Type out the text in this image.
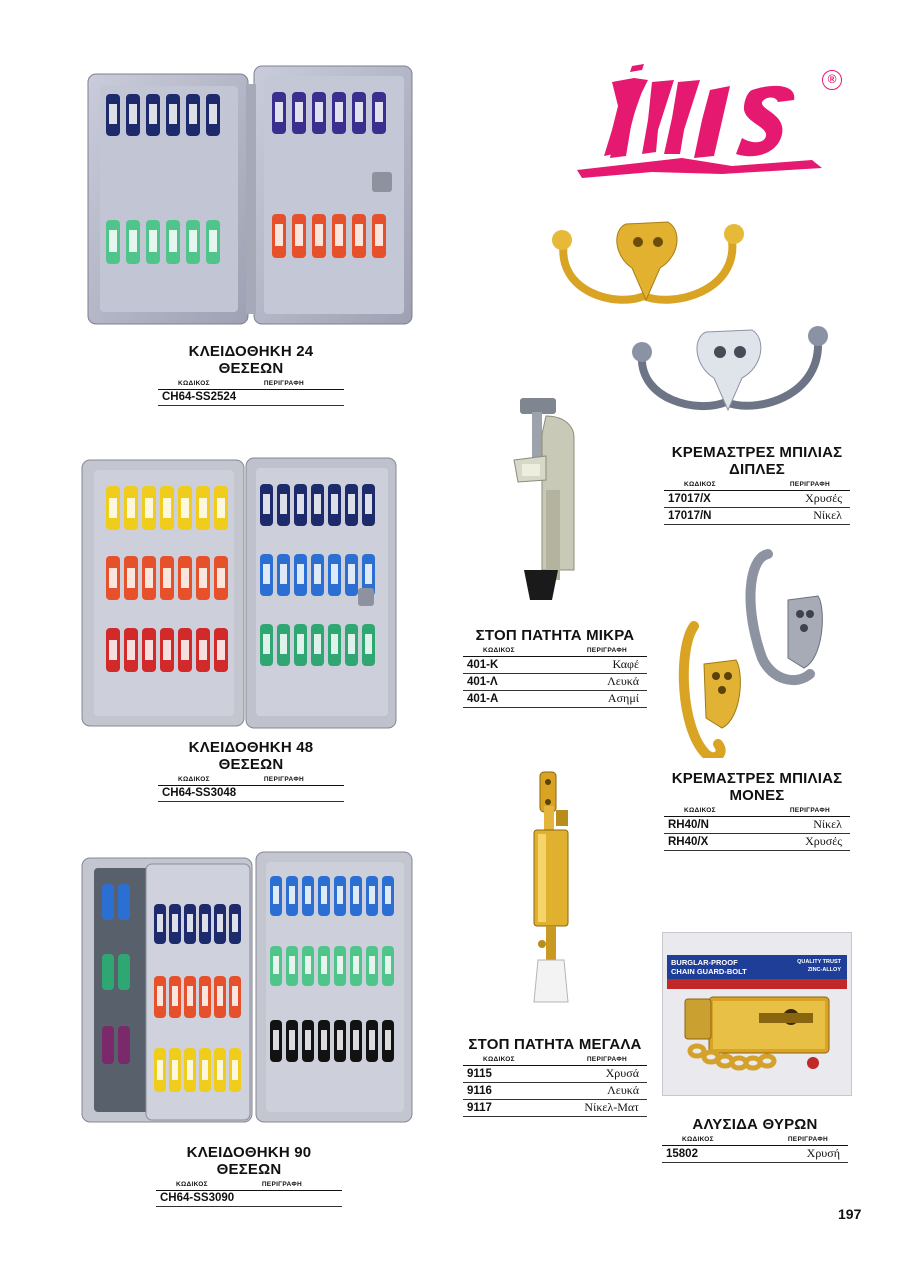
®
ΚΛΕΙΔΟΘΗΚΗ 24 ΘΕΣΕΩΝ
ΚΩΔΙΚΟΣ	ΠΕΡΙΓΡΑΦΗ
CH64-SS2524
ΚΛΕΙΔΟΘΗΚΗ 48 ΘΕΣΕΩΝ
ΚΩΔΙΚΟΣ	ΠΕΡΙΓΡΑΦΗ
CH64-SS3048
ΚΛΕΙΔΟΘΗΚΗ 90 ΘΕΣΕΩΝ
ΚΩΔΙΚΟΣ	ΠΕΡΙΓΡΑΦΗ
CH64-SS3090
ΚΡΕΜΑΣΤΡΕΣ ΜΠΙΛΙΑΣ
ΔΙΠΛΕΣ
ΚΩΔΙΚΟΣ	ΠΕΡΙΓΡΑΦΗ
17017/X	Χρυσές
17017/N	Νίκελ
ΣΤΟΠ ΠΑΤΗΤΑ ΜΙΚΡΑ
ΚΩΔΙΚΟΣ	ΠΕΡΙΓΡΑΦΗ
401-K	Καφέ
401-Λ	Λευκά
401-A	Ασημί
ΚΡΕΜΑΣΤΡΕΣ ΜΠΙΛΙΑΣ
ΜΟΝΕΣ
ΚΩΔΙΚΟΣ	ΠΕΡΙΓΡΑΦΗ
RH40/N	Νίκελ
RH40/X	Χρυσές
ΣΤΟΠ ΠΑΤΗΤΑ ΜΕΓΑΛΑ
ΚΩΔΙΚΟΣ	ΠΕΡΙΓΡΑΦΗ
9115	Χρυσά
9116	Λευκά
9117	Νίκελ-Ματ
BURGLAR-PROOF
CHAIN GUARD-BOLT
QUALITY TRUST
ZINC-ALLOY
ΑΛΥΣΙΔΑ ΘΥΡΩΝ
ΚΩΔΙΚΟΣ	ΠΕΡΙΓΡΑΦΗ
15802	Χρυσή
197
